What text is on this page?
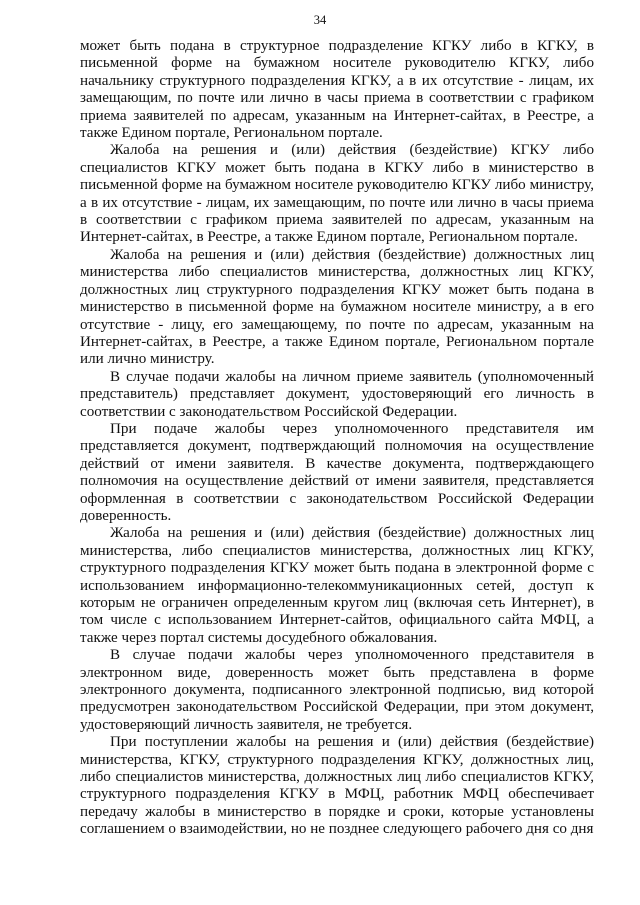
34

может быть подана в структурное подразделение КГКУ либо в КГКУ, в письменной форме на бумажном носителе руководителю КГКУ, либо начальнику структурного подразделения КГКУ, а в их отсутствие - лицам, их замещающим, по почте или лично в часы приема в соответствии с графиком приема заявителей по адресам, указанным на Интернет-сайтах, в Реестре, а также Едином портале, Региональном портале.

Жалоба на решения и (или) действия (бездействие) КГКУ либо специалистов КГКУ может быть подана в КГКУ либо в министерство в письменной форме на бумажном носителе руководителю КГКУ либо министру, а в их отсутствие - лицам, их замещающим, по почте или лично в часы приема в соответствии с графиком приема заявителей по адресам, указанным на Интернет-сайтах, в Реестре, а также Едином портале, Региональном портале.

Жалоба на решения и (или) действия (бездействие) должностных лиц министерства либо специалистов министерства, должностных лиц КГКУ, должностных лиц структурного подразделения КГКУ может быть подана в министерство в письменной форме на бумажном носителе министру, а в его отсутствие - лицу, его замещающему, по почте по адресам, указанным на Интернет-сайтах, в Реестре, а также Едином портале, Региональном портале или лично министру.

В случае подачи жалобы на личном приеме заявитель (уполномоченный представитель) представляет документ, удостоверяющий его личность в соответствии с законодательством Российской Федерации.

При подаче жалобы через уполномоченного представителя им представляется документ, подтверждающий полномочия на осуществление действий от имени заявителя. В качестве документа, подтверждающего полномочия на осуществление действий от имени заявителя, представляется оформленная в соответствии с законодательством Российской Федерации доверенность.

Жалоба на решения и (или) действия (бездействие) должностных лиц министерства, либо специалистов министерства, должностных лиц КГКУ, структурного подразделения КГКУ может быть подана в электронной форме с использованием информационно-телекоммуникационных сетей, доступ к которым не ограничен определенным кругом лиц (включая сеть Интернет), в том числе с использованием Интернет-сайтов, официального сайта МФЦ, а также через портал системы досудебного обжалования.

В случае подачи жалобы через уполномоченного представителя в электронном виде, доверенность может быть представлена в форме электронного документа, подписанного электронной подписью, вид которой предусмотрен законодательством Российской Федерации, при этом документ, удостоверяющий личность заявителя, не требуется.

При поступлении жалобы на решения и (или) действия (бездействие) министерства, КГКУ, структурного подразделения КГКУ, должностных лиц, либо специалистов министерства, должностных лиц либо специалистов КГКУ, структурного подразделения КГКУ в МФЦ, работник МФЦ обеспечивает передачу жалобы в министерство в порядке и сроки, которые установлены соглашением о взаимодействии, но не позднее следующего рабочего дня со дня
